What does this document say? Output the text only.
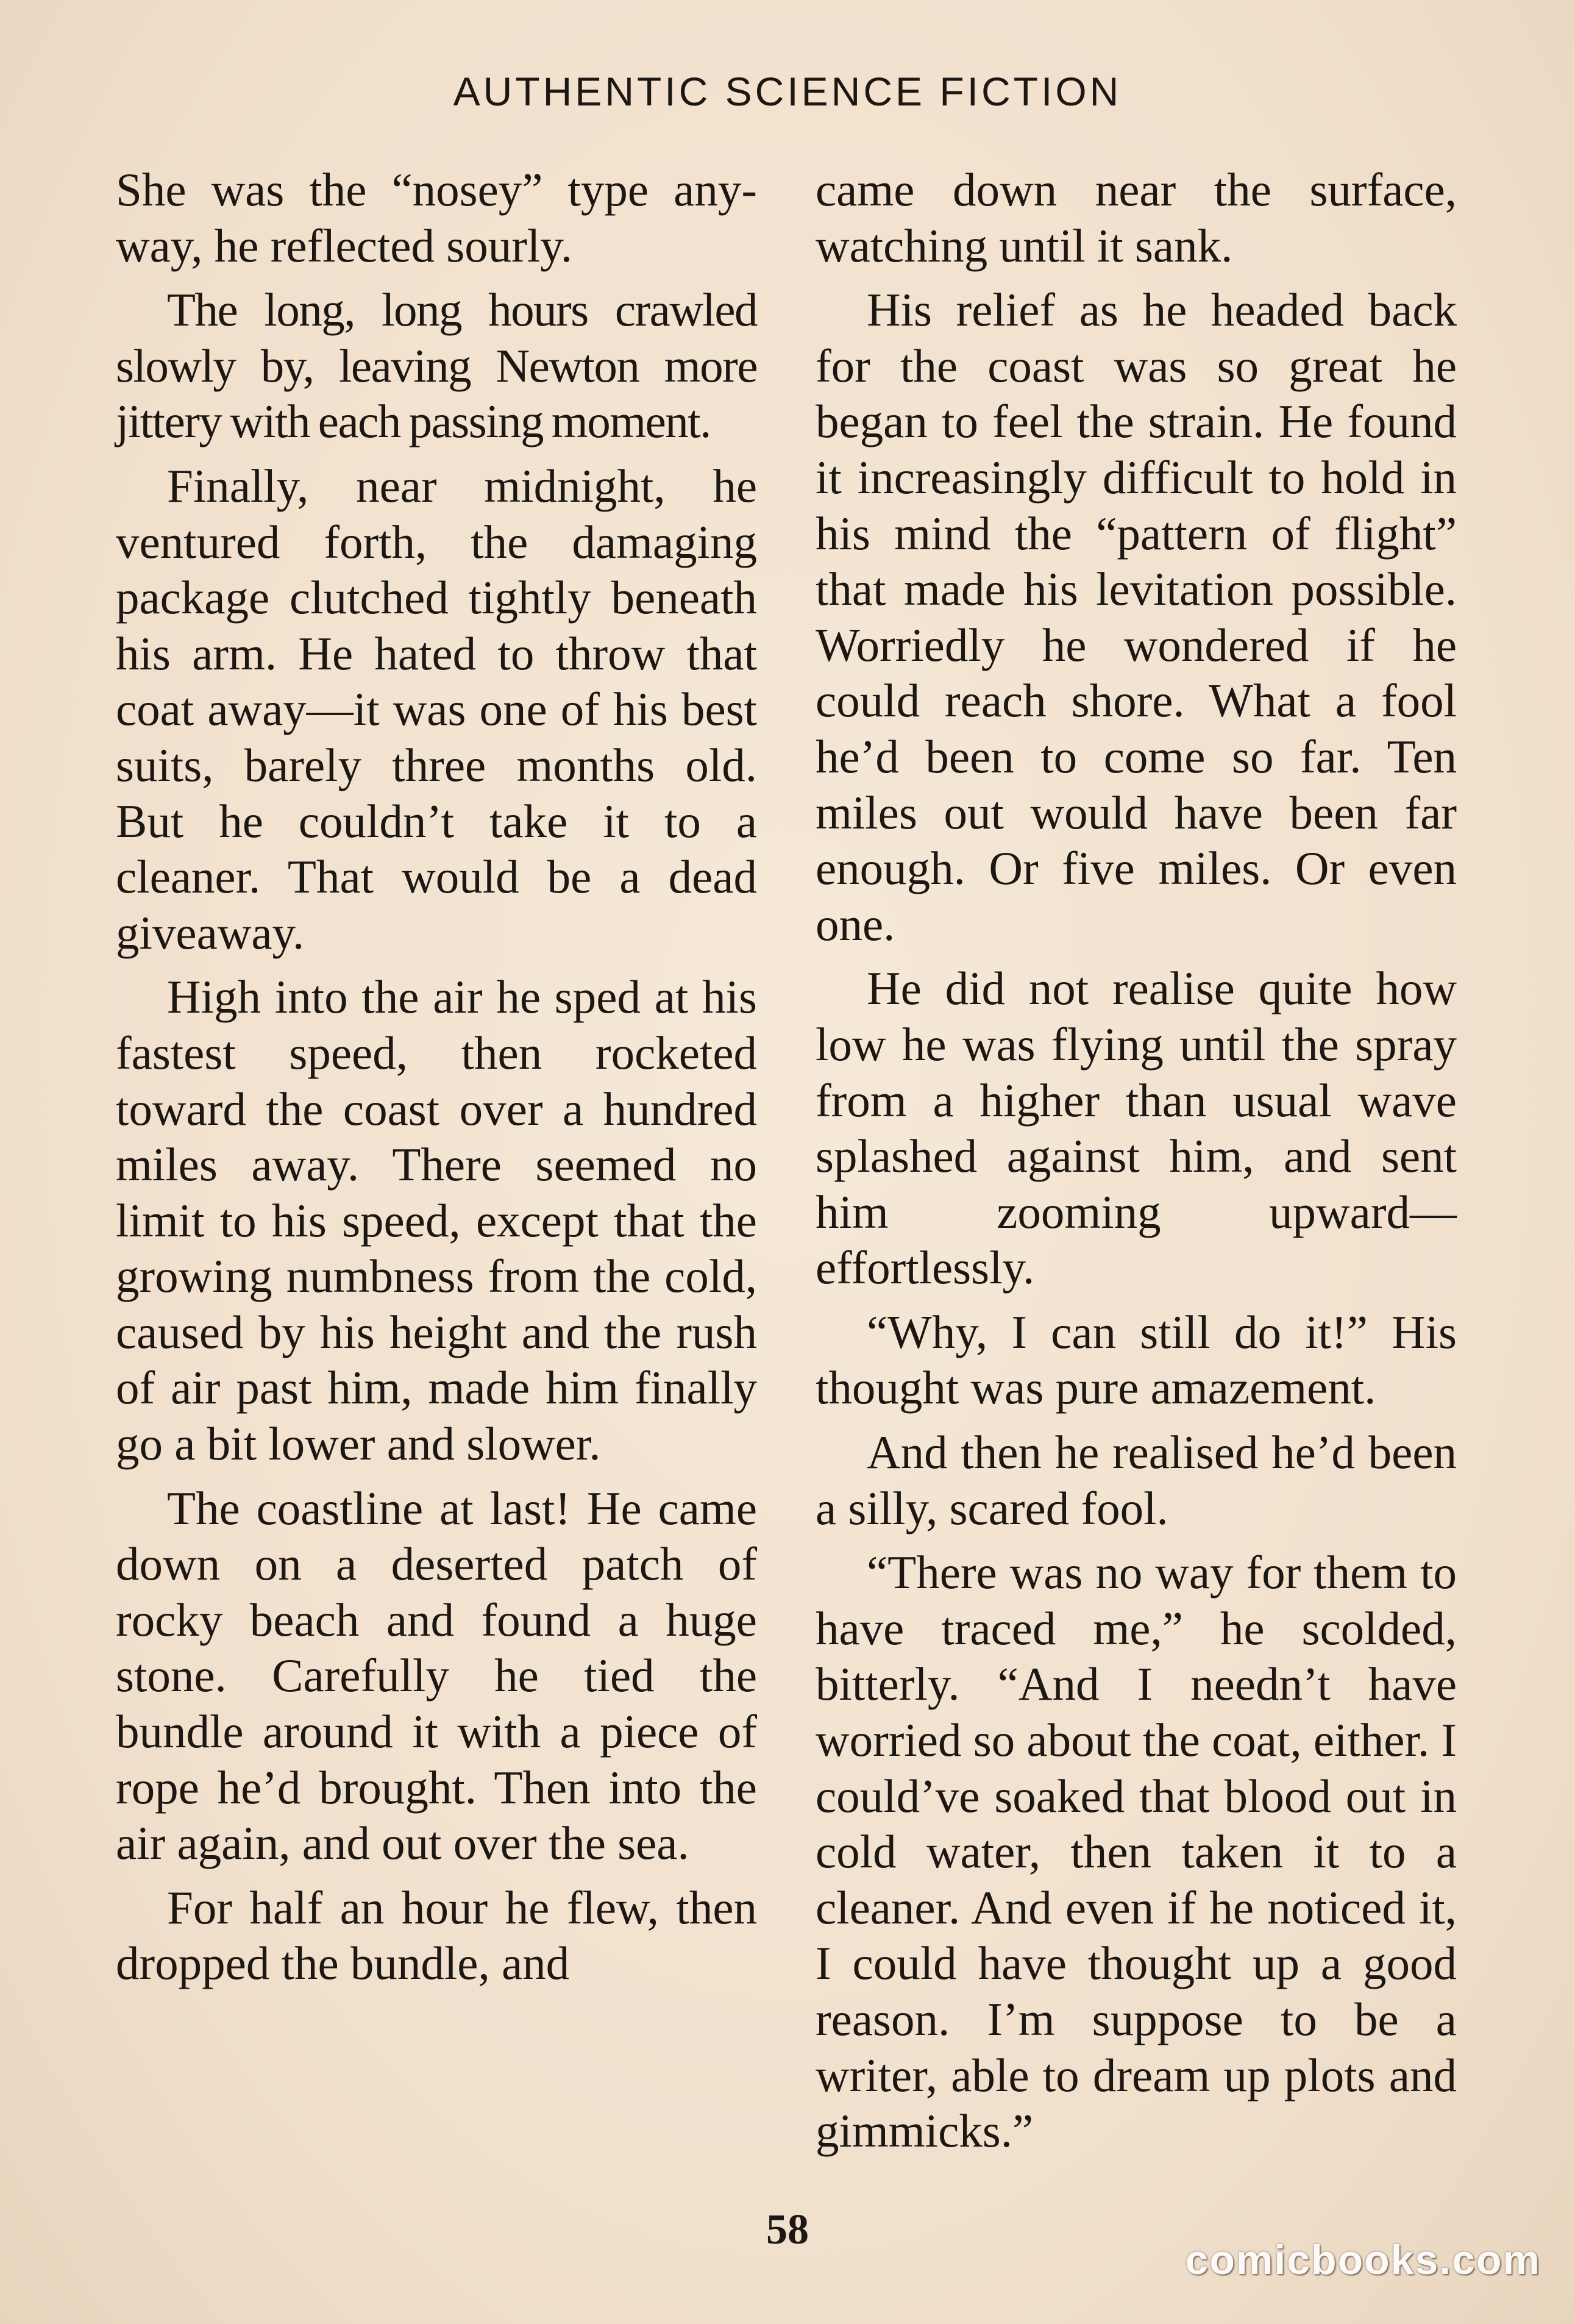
AUTHENTIC SCIENCE FICTION

She was the “nosey” type anyway, he reflected sourly.

The long, long hours crawled slowly by, leaving Newton more jittery with each passing moment.

Finally, near midnight, he ventured forth, the damaging package clutched tightly beneath his arm. He hated to throw that coat away—it was one of his best suits, barely three months old. But he couldn’t take it to a cleaner. That would be a dead giveaway.

High into the air he sped at his fastest speed, then rocketed toward the coast over a hundred miles away. There seemed no limit to his speed, except that the growing numbness from the cold, caused by his height and the rush of air past him, made him finally go a bit lower and slower.

The coastline at last! He came down on a deserted patch of rocky beach and found a huge stone. Carefully he tied the bundle around it with a piece of rope he’d brought. Then into the air again, and out over the sea.

For half an hour he flew, then dropped the bundle, and

came down near the surface, watching until it sank.

His relief as he headed back for the coast was so great he began to feel the strain. He found it increasingly difficult to hold in his mind the “pattern of flight” that made his levitation possible. Worriedly he wondered if he could reach shore. What a fool he’d been to come so far. Ten miles out would have been far enough. Or five miles. Or even one.

He did not realise quite how low he was flying until the spray from a higher than usual wave splashed against him, and sent him zooming upward— effortlessly.

“Why, I can still do it!” His thought was pure amazement.

And then he realised he’d been a silly, scared fool.

“There was no way for them to have traced me,” he scolded, bitterly. “And I needn’t have worried so about the coat, either. I could’ve soaked that blood out in cold water, then taken it to a cleaner. And even if he noticed it, I could have thought up a good reason. I’m suppose to be a writer, able to dream up plots and gimmicks.”

58
comicbooks.com
